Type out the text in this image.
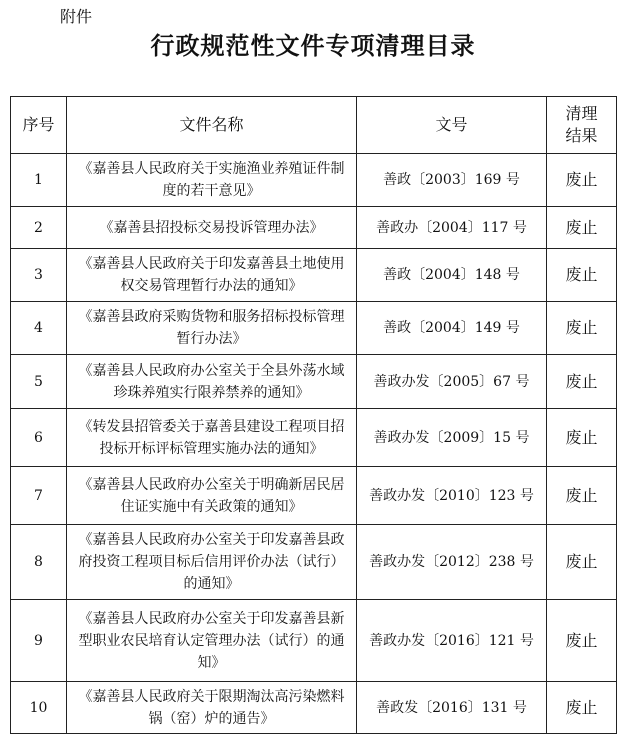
附件
行政规范性文件专项清理目录
序号	文件名称	文号	清理
结果
1	《嘉善县人民政府关于实施渔业养殖证件制度的若干意见》	善政〔2003〕169 号	废止
2	《嘉善县招投标交易投诉管理办法》	善政办〔2004〕117 号	废止
3	《嘉善县人民政府关于印发嘉善县土地使用权交易管理暂行办法的通知》	善政〔2004〕148 号	废止
4	《嘉善县政府采购货物和服务招标投标管理暂行办法》	善政〔2004〕149 号	废止
5	《嘉善县人民政府办公室关于全县外荡水域珍珠养殖实行限养禁养的通知》	善政办发〔2005〕67 号	废止
6	《转发县招管委关于嘉善县建设工程项目招投标开标评标管理实施办法的通知》	善政办发〔2009〕15 号	废止
7	《嘉善县人民政府办公室关于明确新居民居住证实施中有关政策的通知》	善政办发〔2010〕123 号	废止
8	《嘉善县人民政府办公室关于印发嘉善县政府投资工程项目标后信用评价办法（试行）的通知》	善政办发〔2012〕238 号	废止
9	《嘉善县人民政府办公室关于印发嘉善县新型职业农民培育认定管理办法（试行）的通知》	善政办发〔2016〕121 号	废止
10	《嘉善县人民政府关于限期淘汰高污染燃料锅（窑）炉的通告》	善政发〔2016〕131 号	废止
